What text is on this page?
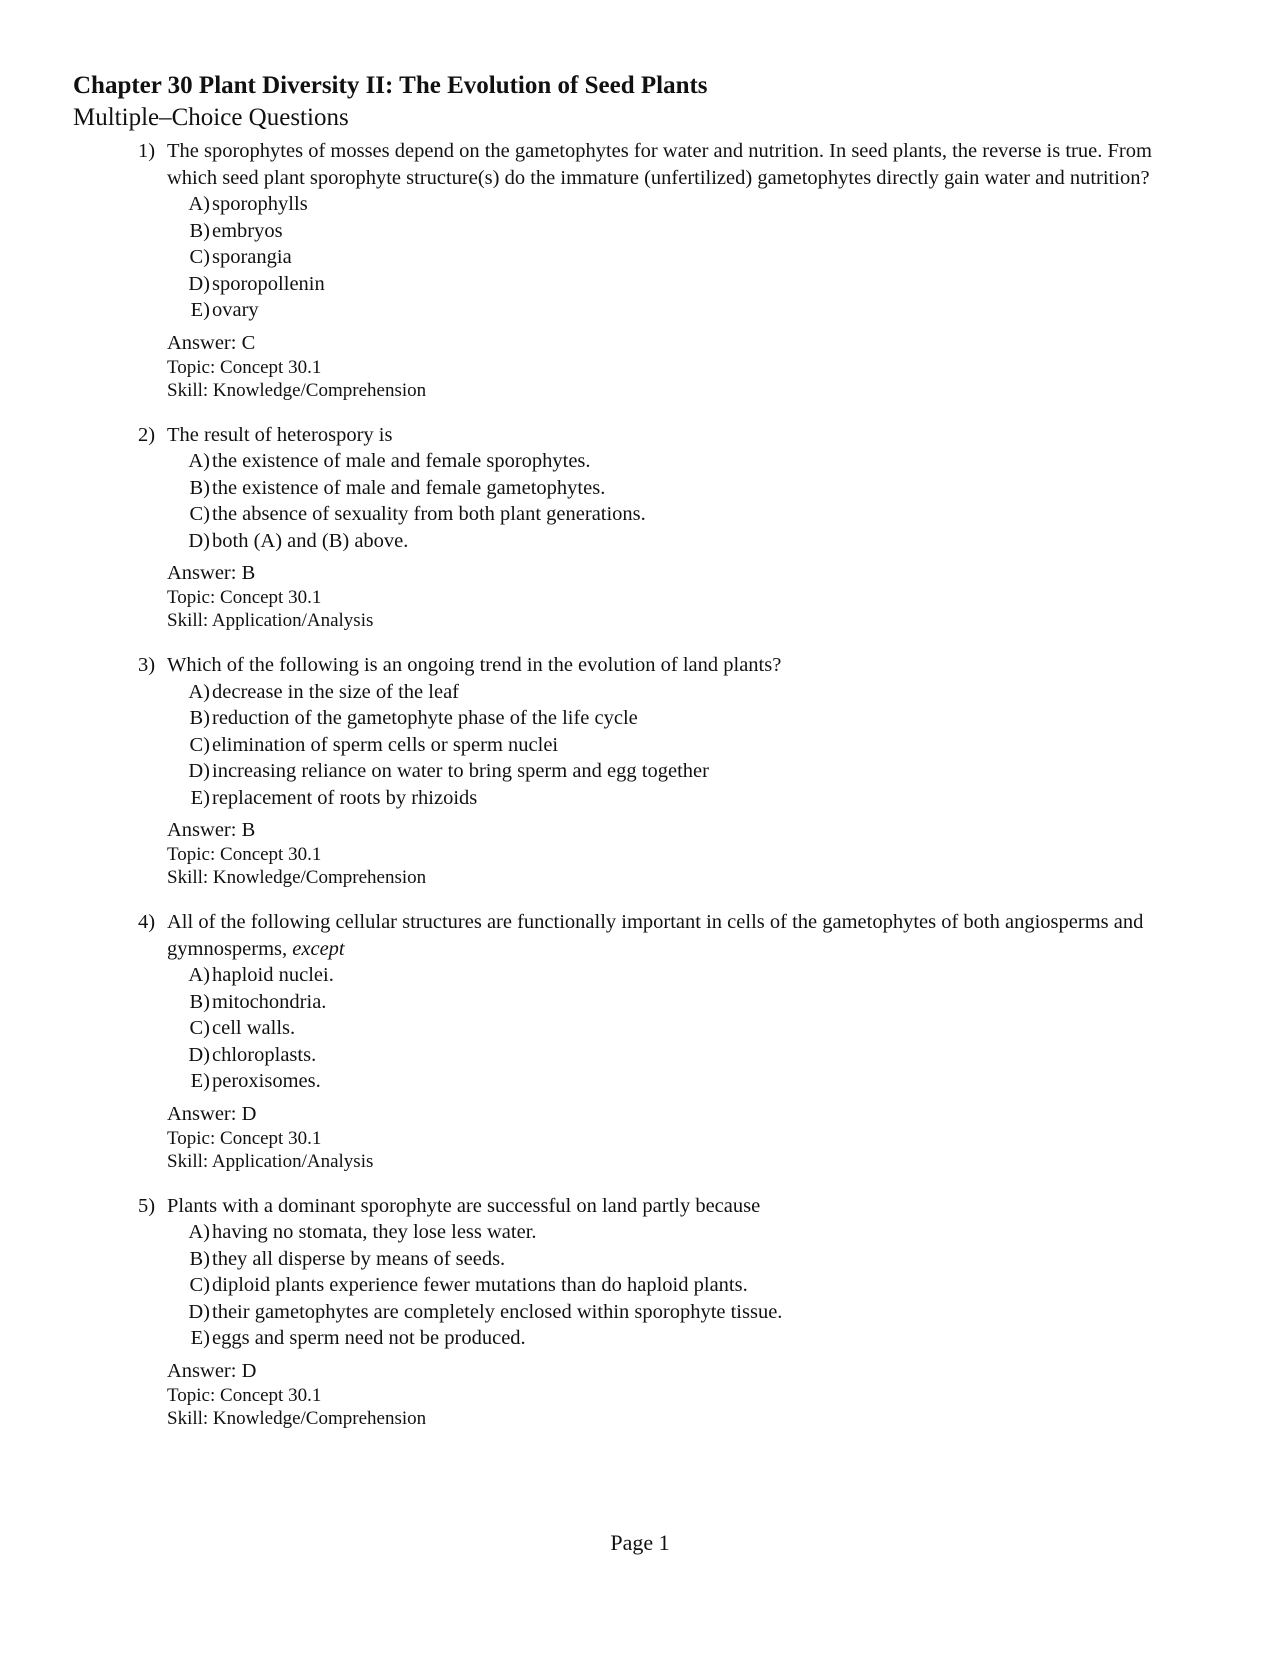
Chapter 30 Plant Diversity II: The Evolution of Seed Plants
Multiple–Choice Questions
1) The sporophytes of mosses depend on the gametophytes for water and nutrition. In seed plants, the reverse is true. From which seed plant sporophyte structure(s) do the immature (unfertilized) gametophytes directly gain water and nutrition?
A) sporophylls
B) embryos
C) sporangia
D) sporopollenin
E) ovary
Answer: C
Topic: Concept 30.1
Skill: Knowledge/Comprehension
2) The result of heterospory is
A) the existence of male and female sporophytes.
B) the existence of male and female gametophytes.
C) the absence of sexuality from both plant generations.
D) both (A) and (B) above.
Answer: B
Topic: Concept 30.1
Skill: Application/Analysis
3) Which of the following is an ongoing trend in the evolution of land plants?
A) decrease in the size of the leaf
B) reduction of the gametophyte phase of the life cycle
C) elimination of sperm cells or sperm nuclei
D) increasing reliance on water to bring sperm and egg together
E) replacement of roots by rhizoids
Answer: B
Topic: Concept 30.1
Skill: Knowledge/Comprehension
4) All of the following cellular structures are functionally important in cells of the gametophytes of both angiosperms and gymnosperms, except
A) haploid nuclei.
B) mitochondria.
C) cell walls.
D) chloroplasts.
E) peroxisomes.
Answer: D
Topic: Concept 30.1
Skill: Application/Analysis
5) Plants with a dominant sporophyte are successful on land partly because
A) having no stomata, they lose less water.
B) they all disperse by means of seeds.
C) diploid plants experience fewer mutations than do haploid plants.
D) their gametophytes are completely enclosed within sporophyte tissue.
E) eggs and sperm need not be produced.
Answer: D
Topic: Concept 30.1
Skill: Knowledge/Comprehension
Page 1
